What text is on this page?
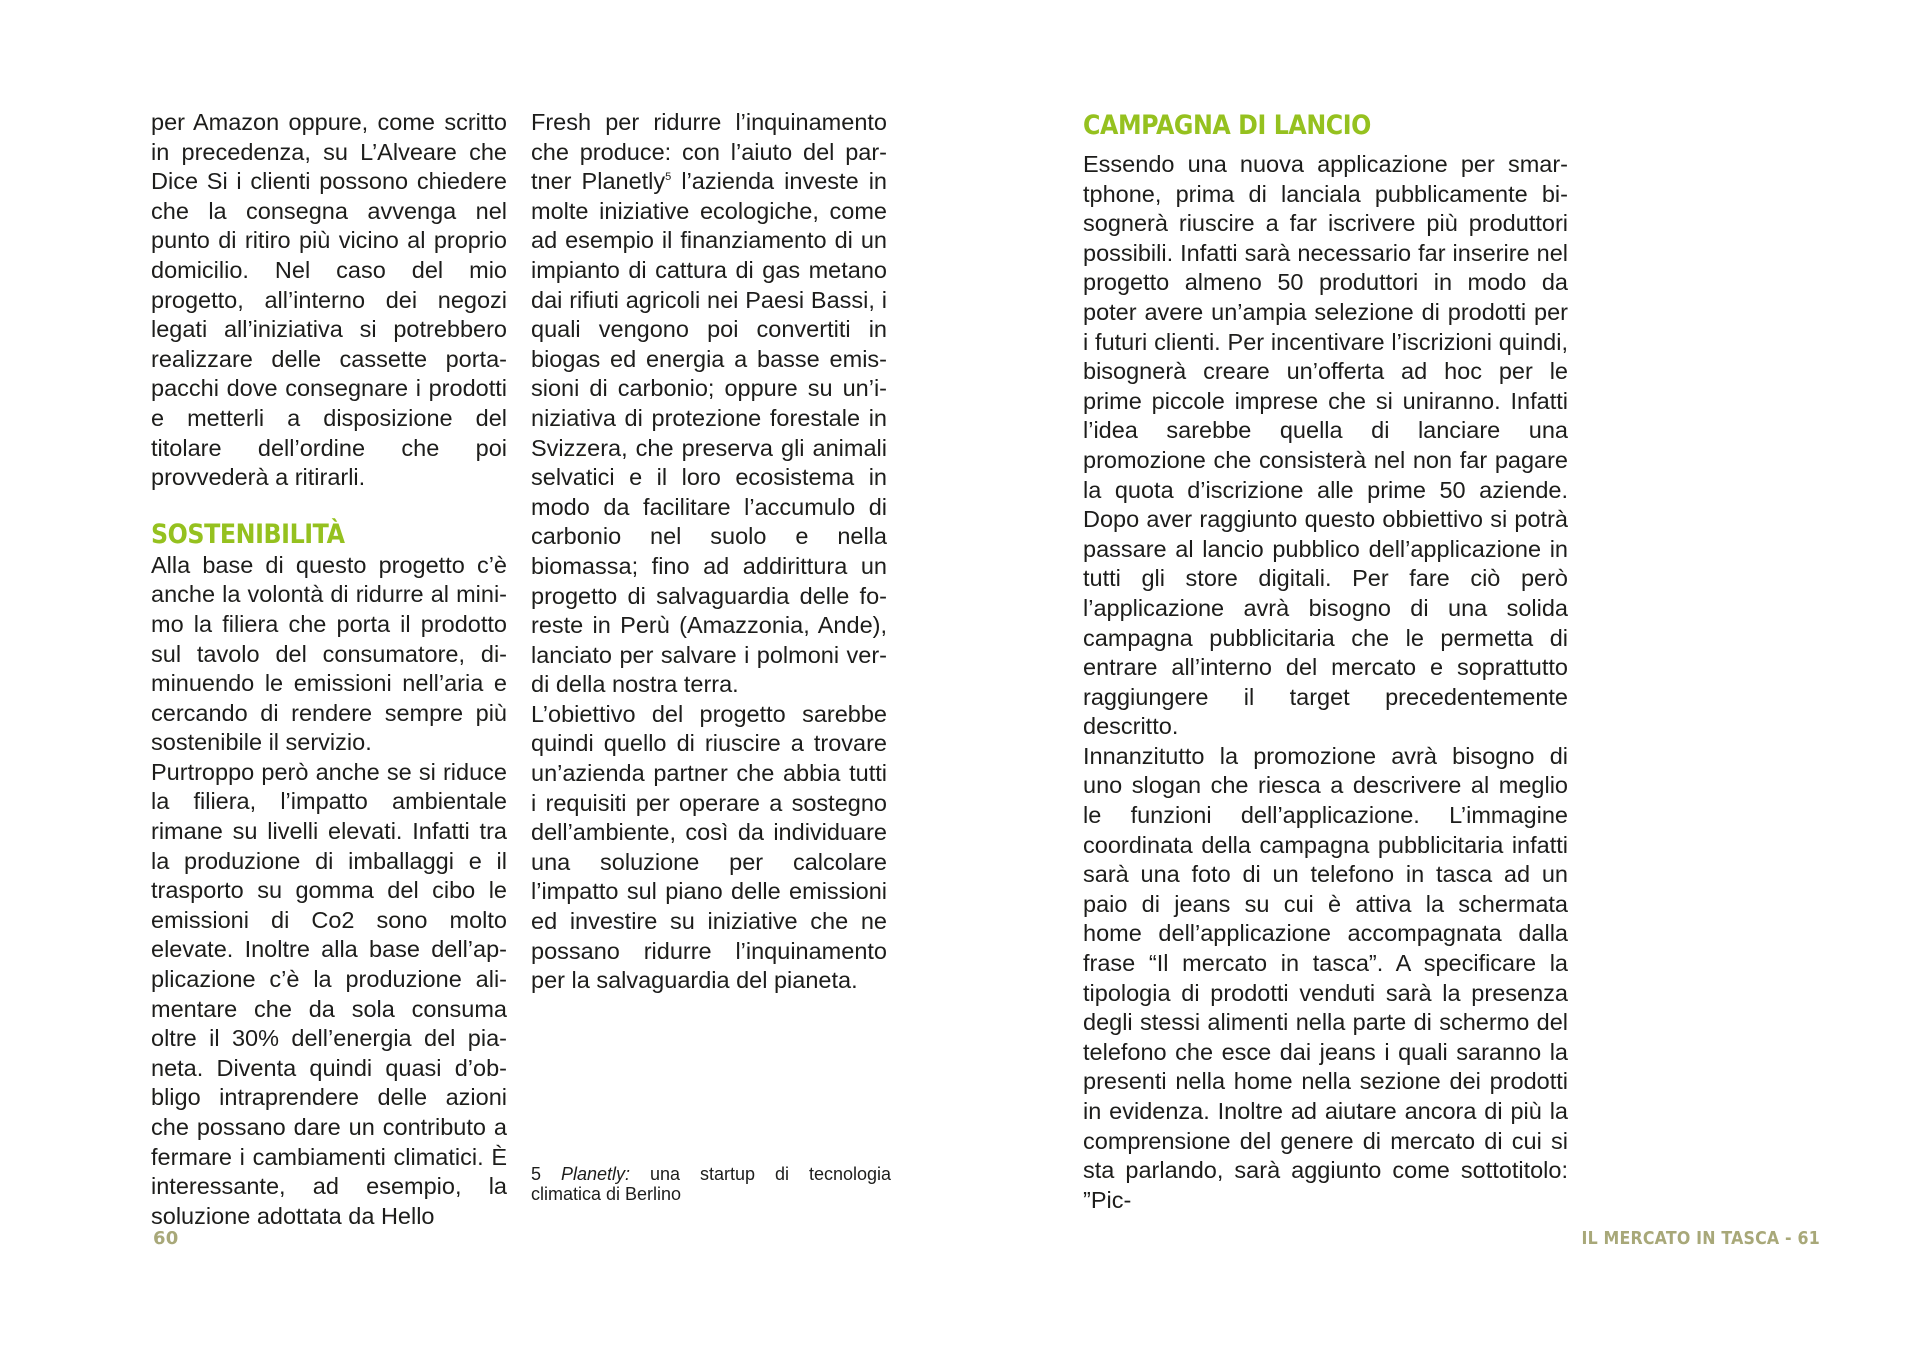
per Amazon oppure, come scritto in precedenza, su L’Alveare che Dice Si i clienti possono chiedere che la consegna avvenga nel punto di ritiro più vicino al proprio domicilio. Nel caso del mio progetto, all’interno dei negozi legati all’iniziativa si potrebbero realizzare delle cassette portapacchi dove consegnare i prodotti e metterli a disposizione del titolare dell’ordine che poi provvederà a ritirarli.

SOSTENIBILITÀ

Alla base di questo progetto c’è anche la volontà di ridurre al minimo la filiera che porta il prodotto sul tavolo del consumatore, diminuendo le emissioni nell’aria e cercando di rendere sempre più sostenibile il servizio.

Purtroppo però anche se si riduce la filiera, l’impatto ambientale rimane su livelli elevati. Infatti tra la produzione di imballaggi e il trasporto su gomma del cibo le emissioni di Co2 sono molto elevate. Inoltre alla base dell’applicazione c’è la produzione alimentare che da sola consuma oltre il 30% dell’energia del pianeta. Diventa quindi quasi d’obbligo intraprendere delle azioni che possano dare un contributo a fermare i cambiamenti climatici. È interessante, ad esempio, la soluzione adottata da Hello

Fresh per ridurre l’inquinamento che produce: con l’aiuto del partner Planetly$^5$ l’azienda investe in molte iniziative ecologiche, come ad esempio il finanziamento di un impianto di cattura di gas metano dai rifiuti agricoli nei Paesi Bassi, i quali vengono poi convertiti in biogas ed energia a basse emissioni di carbonio; oppure su un’iniziativa di protezione forestale in Svizzera, che preserva gli animali selvatici e il loro ecosistema in modo da facilitare l’accumulo di carbonio nel suolo e nella biomassa; fino ad addirittura un progetto di salvaguardia delle foreste in Perù (Amazzonia, Ande), lanciato per salvare i polmoni verdi della nostra terra.

L’obiettivo del progetto sarebbe quindi quello di riuscire a trovare un’azienda partner che abbia tutti i requisiti per operare a sostegno dell’ambiente, così da individuare una soluzione per calcolare l’impatto sul piano delle emissioni ed investire su iniziative che ne possano ridurre l’inquinamento per la salvaguardia del pianeta.

5 Planetly: una startup di tecnologia climatica di Berlino
60
CAMPAGNA DI LANCIO

Essendo una nuova applicazione per smartphone, prima di lanciala pubblicamente bisognerà riuscire a far iscrivere più produttori possibili. Infatti sarà necessario far inserire nel progetto almeno 50 produttori in modo da poter avere un’ampia selezione di prodotti per i futuri clienti. Per incentivare l’iscrizioni quindi, bisognerà creare un’offerta ad hoc per le prime piccole imprese che si uniranno. Infatti l’idea sarebbe quella di lanciare una promozione che consisterà nel non far pagare la quota d’iscrizione alle prime 50 aziende. Dopo aver raggiunto questo obbiettivo si potrà passare al lancio pubblico dell’applicazione in tutti gli store digitali. Per fare ciò però l’applicazione avrà bisogno di una solida campagna pubblicitaria che le permetta di entrare all’interno del mercato e soprattutto raggiungere il target precedentemente descritto.

Innanzitutto la promozione avrà bisogno di uno slogan che riesca a descrivere al meglio le funzioni dell’applicazione. L’immagine coordinata della campagna pubblicitaria infatti sarà una foto di un telefono in tasca ad un paio di jeans su cui è attiva la schermata home dell’applicazione accompagnata dalla frase “Il mercato in tasca”. A specificare la tipologia di prodotti venduti sarà la presenza degli stessi alimenti nella parte di schermo del telefono che esce dai jeans i quali saranno la presenti nella home nella sezione dei prodotti in evidenza. Inoltre ad aiutare ancora di più la comprensione del genere di mercato di cui si sta parlando, sarà aggiunto come sottotitolo: ”Pic-

IL MERCATO IN TASCA - 61
